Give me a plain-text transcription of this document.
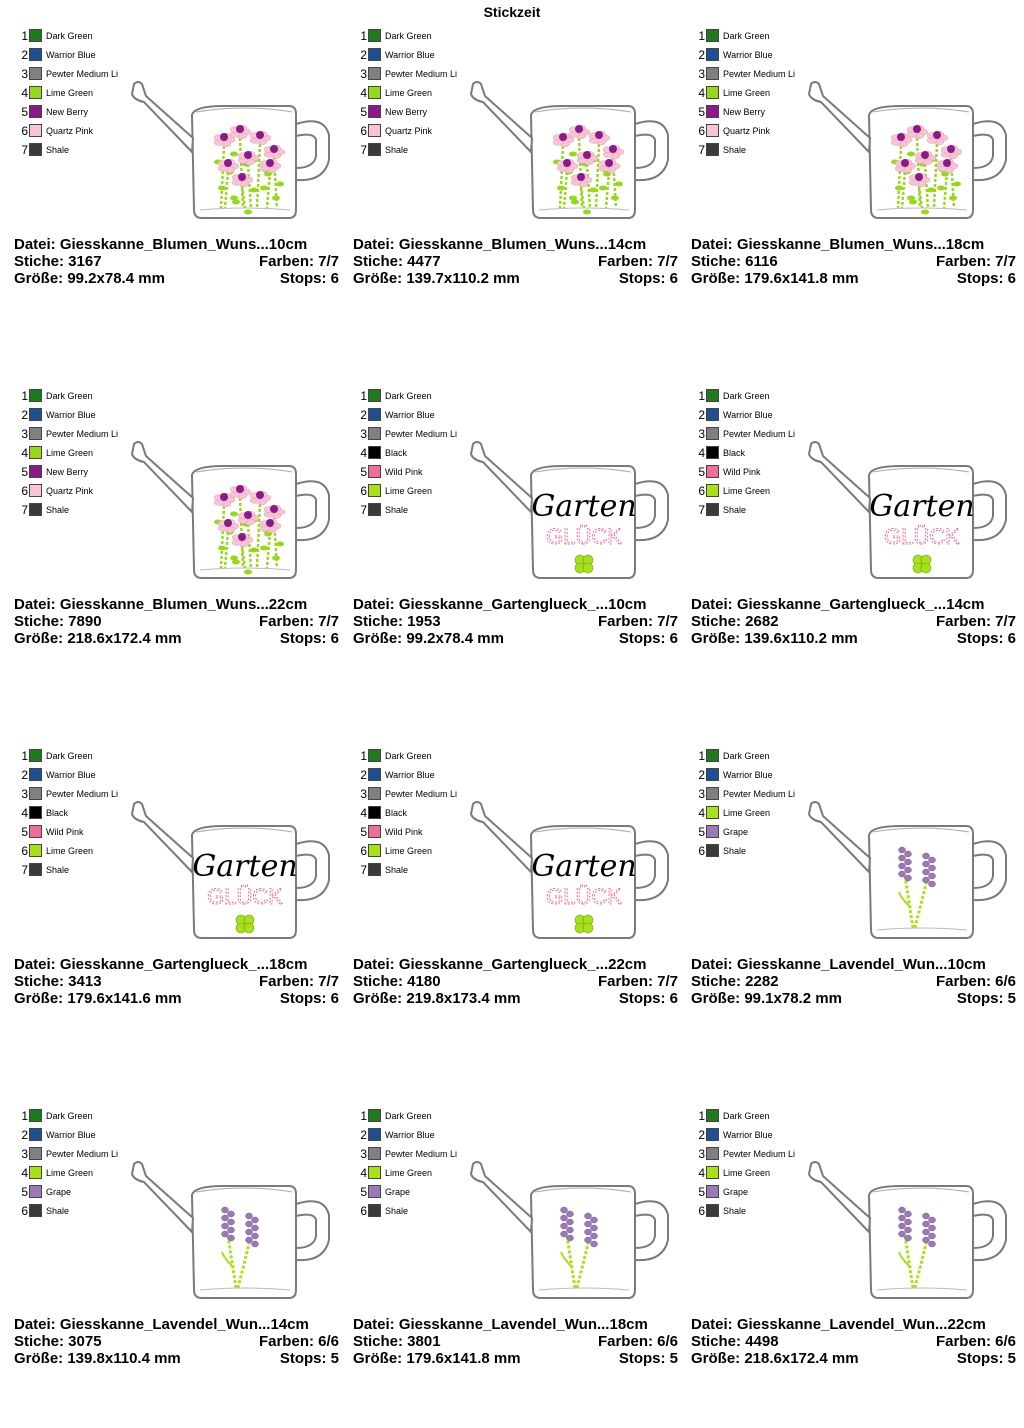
Stickzeit
1 Dark Green
2 Warrior Blue
3 Pewter Medium Li
4 Lime Green
5 New Berry
6 Quartz Pink
7 Shale
Datei: Giesskanne_Blumen_Wuns...10cm
Stiche: 3167	Farben: 7/7
Größe: 99.2x78.4 mm	Stops: 6
1 Dark Green
2 Warrior Blue
3 Pewter Medium Li
4 Lime Green
5 New Berry
6 Quartz Pink
7 Shale
Datei: Giesskanne_Blumen_Wuns...14cm
Stiche: 4477	Farben: 7/7
Größe: 139.7x110.2 mm	Stops: 6
1 Dark Green
2 Warrior Blue
3 Pewter Medium Li
4 Lime Green
5 New Berry
6 Quartz Pink
7 Shale
Datei: Giesskanne_Blumen_Wuns...18cm
Stiche: 6116	Farben: 7/7
Größe: 179.6x141.8 mm	Stops: 6
1 Dark Green
2 Warrior Blue
3 Pewter Medium Li
4 Lime Green
5 New Berry
6 Quartz Pink
7 Shale
Datei: Giesskanne_Blumen_Wuns...22cm
Stiche: 7890	Farben: 7/7
Größe: 218.6x172.4 mm	Stops: 6
1 Dark Green
2 Warrior Blue
3 Pewter Medium Li
4 Black
5 Wild Pink
6 Lime Green
7 Shale	Garten
GLÜCK
Datei: Giesskanne_Gartenglueck_...10cm
Stiche: 1953	Farben: 7/7
Größe: 99.2x78.4 mm	Stops: 6
1 Dark Green
2 Warrior Blue
3 Pewter Medium Li
4 Black
5 Wild Pink
6 Lime Green
7 Shale	Garten
GLÜCK
Datei: Giesskanne_Gartenglueck_...14cm
Stiche: 2682	Farben: 7/7
Größe: 139.6x110.2 mm	Stops: 6
1 Dark Green
2 Warrior Blue
3 Pewter Medium Li
4 Black
5 Wild Pink
6 Lime Green
7 Shale	Garten
GLÜCK
Datei: Giesskanne_Gartenglueck_...18cm
Stiche: 3413	Farben: 7/7
Größe: 179.6x141.6 mm	Stops: 6
1 Dark Green
2 Warrior Blue
3 Pewter Medium Li
4 Black
5 Wild Pink
6 Lime Green
7 Shale	Garten
GLÜCK
Datei: Giesskanne_Gartenglueck_...22cm
Stiche: 4180	Farben: 7/7
Größe: 219.8x173.4 mm	Stops: 6
1 Dark Green
2 Warrior Blue
3 Pewter Medium Li
4 Lime Green
5 Grape
6 Shale
Datei: Giesskanne_Lavendel_Wun...10cm
Stiche: 2282	Farben: 6/6
Größe: 99.1x78.2 mm	Stops: 5
1 Dark Green
2 Warrior Blue
3 Pewter Medium Li
4 Lime Green
5 Grape
6 Shale
Datei: Giesskanne_Lavendel_Wun...14cm
Stiche: 3075	Farben: 6/6
Größe: 139.8x110.4 mm	Stops: 5
1 Dark Green
2 Warrior Blue
3 Pewter Medium Li
4 Lime Green
5 Grape
6 Shale
Datei: Giesskanne_Lavendel_Wun...18cm
Stiche: 3801	Farben: 6/6
Größe: 179.6x141.8 mm	Stops: 5
1 Dark Green
2 Warrior Blue
3 Pewter Medium Li
4 Lime Green
5 Grape
6 Shale
Datei: Giesskanne_Lavendel_Wun...22cm
Stiche: 4498	Farben: 6/6
Größe: 218.6x172.4 mm	Stops: 5
